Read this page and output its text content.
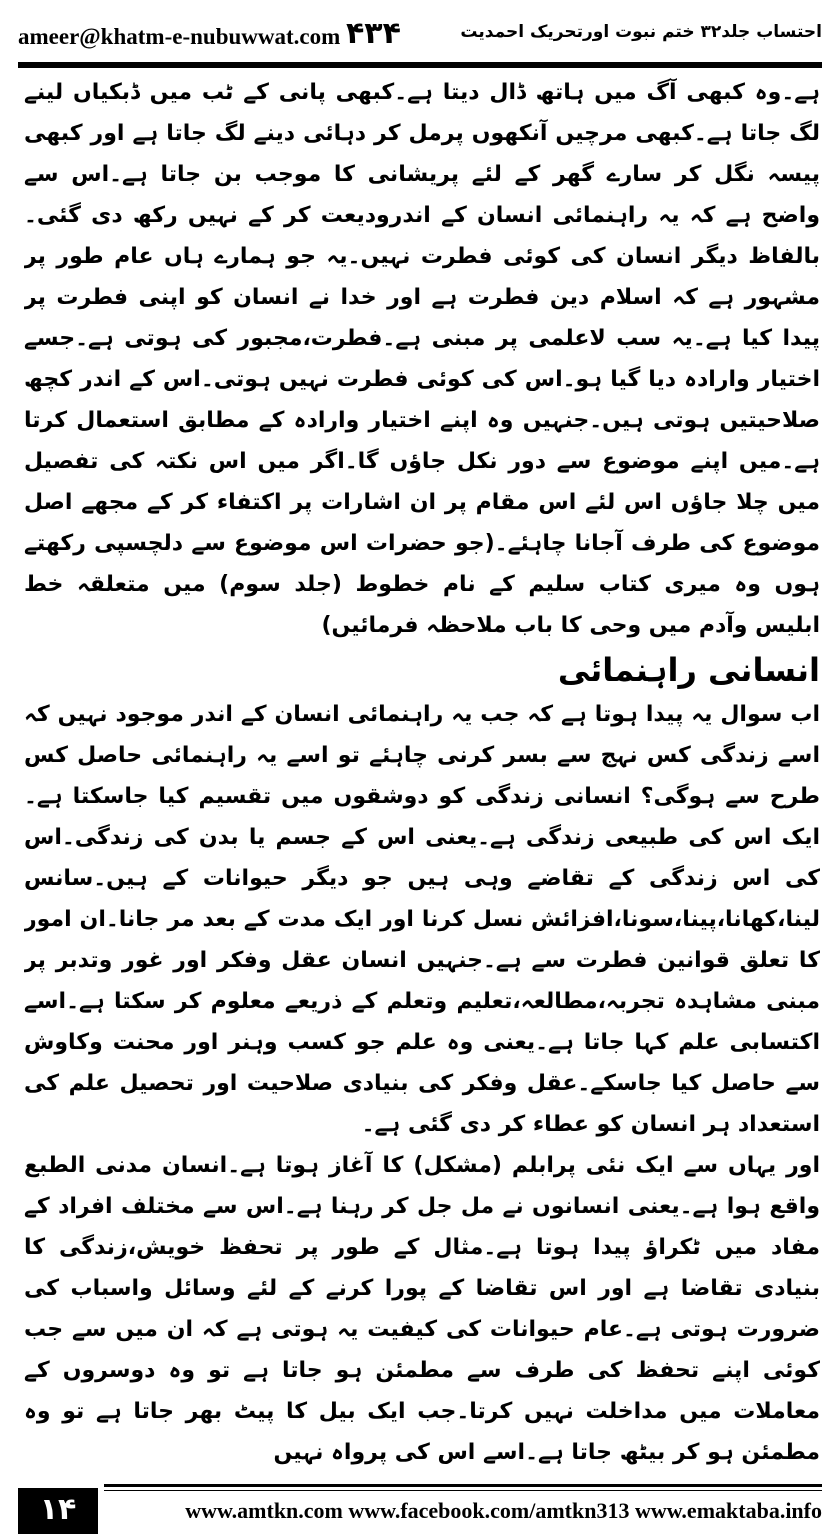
ameer@khatm-e-nubuwwat.com ۴۳۴	احتساب جلد۳۲ ختم نبوت اورتحریک احمدیت

ہے۔وہ کبھی آگ میں ہاتھ ڈال دیتا ہے۔کبھی پانی کے ٹب میں ڈبکیاں لینے لگ جاتا ہے۔کبھی مرچیں آنکھوں پرمل کر دہائی دینے لگ جاتا ہے اور کبھی پیسہ نگل کر سارے گھر کے لئے پریشانی کا موجب بن جاتا ہے۔اس سے واضح ہے کہ یہ راہنمائی انسان کے اندرودیعت کر کے نہیں رکھ دی گئی۔بالفاظ دیگر انسان کی کوئی فطرت نہیں۔یہ جو ہمارے ہاں عام طور پر مشہور ہے کہ اسلام دین فطرت ہے اور خدا نے انسان کو اپنی فطرت پر پیدا کیا ہے۔یہ سب لاعلمی پر مبنی ہے۔فطرت،مجبور کی ہوتی ہے۔جسے اختیار وارادہ دیا گیا ہو۔اس کی کوئی فطرت نہیں ہوتی۔اس کے اندر کچھ صلاحیتیں ہوتی ہیں۔جنہیں وہ اپنے اختیار وارادہ کے مطابق استعمال کرتا ہے۔میں اپنے موضوع سے دور نکل جاؤں گا۔اگر میں اس نکتہ کی تفصیل میں چلا جاؤں اس لئے اس مقام پر ان اشارات پر اکتفاء کر کے مجھے اصل موضوع کی طرف آجانا چاہئے۔(جو حضرات اس موضوع سے دلچسپی رکھتے ہوں وہ میری کتاب سلیم کے نام خطوط (جلد سوم) میں متعلقہ خط ابلیس وآدم میں وحی کا باب ملاحظہ فرمائیں)

انسانی راہنمائی

اب سوال یہ پیدا ہوتا ہے کہ جب یہ راہنمائی انسان کے اندر موجود نہیں کہ اسے زندگی کس نہج سے بسر کرنی چاہئے تو اسے یہ راہنمائی حاصل کس طرح سے ہوگی؟ انسانی زندگی کو دوشقوں میں تقسیم کیا جاسکتا ہے۔ایک اس کی طبیعی زندگی ہے۔یعنی اس کے جسم یا بدن کی زندگی۔اس کی اس زندگی کے تقاضے وہی ہیں جو دیگر حیوانات کے ہیں۔سانس لینا،کھانا،پینا،سونا،افزائش نسل کرنا اور ایک مدت کے بعد مر جانا۔ان امور کا تعلق قوانین فطرت سے ہے۔جنہیں انسان عقل وفکر اور غور وتدبر پر مبنی مشاہدہ تجربہ،مطالعہ،تعلیم وتعلم کے ذریعے معلوم کر سکتا ہے۔اسے اکتسابی علم کہا جاتا ہے۔یعنی وہ علم جو کسب وہنر اور محنت وکاوش سے حاصل کیا جاسکے۔عقل وفکر کی بنیادی صلاحیت اور تحصیل علم کی استعداد ہر انسان کو عطاء کر دی گئی ہے۔

اور یہاں سے ایک نئی پرابلم (مشکل) کا آغاز ہوتا ہے۔انسان مدنی الطبع واقع ہوا ہے۔یعنی انسانوں نے مل جل کر رہنا ہے۔اس سے مختلف افراد کے مفاد میں ٹکراؤ پیدا ہوتا ہے۔مثال کے طور پر تحفظ خویش،زندگی کا بنیادی تقاضا ہے اور اس تقاضا کے پورا کرنے کے لئے وسائل واسباب کی ضرورت ہوتی ہے۔عام حیوانات کی کیفیت یہ ہوتی ہے کہ ان میں سے جب کوئی اپنے تحفظ کی طرف سے مطمئن ہو جاتا ہے تو وہ دوسروں کے معاملات میں مداخلت نہیں کرتا۔جب ایک بیل کا پیٹ بھر جاتا ہے تو وہ مطمئن ہو کر بیٹھ جاتا ہے۔اسے اس کی پرواہ نہیں

۱۴	www.amtkn.com www.facebook.com/amtkn313 www.emaktaba.info
